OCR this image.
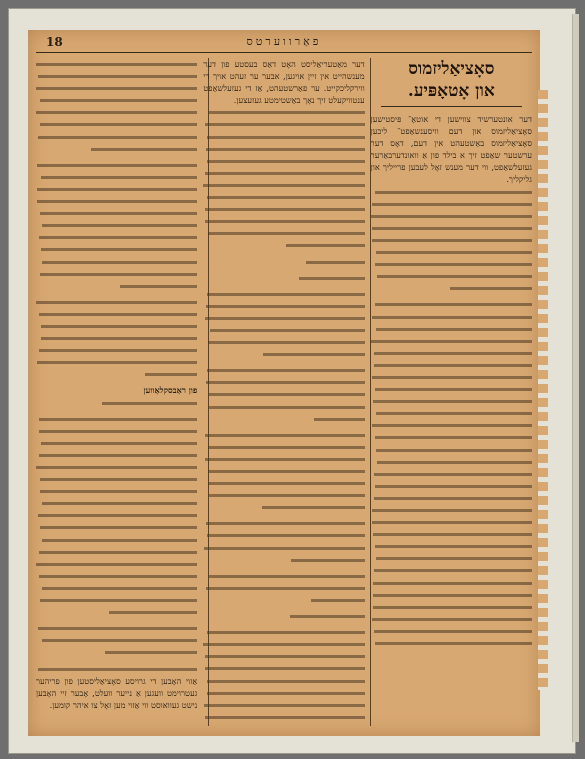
18	פאַרווערטס
סאָציאַליזמוס
און אָטאָפּיע.
דער אונטערשיד צווישען די אוטאָ־ פּיסטישען סאָציאַליזמוס און דעם וויסענשאַפט־ ליכען סאָציאַליזמוס באַשטעהט אין דעם, דאָס דער ערשטער שאַפט זיך א בילד פון אַ וואונדערבאַרער געזעלשאַפט, ווי דער מענש זאָל לעבען פרייליך און גליקליך.
דער מאַטעריאַליסט האָט דאַס בעסטע פון דער מענשהייט אין זיין אויגען, אבער ער זעהט אויך די ווירקליכקייט. ער פאַרשטעהט, אַז די געזעלשאַפט ענטוויקעלט זיך נאָך באַשטימטע געזעצען.
פון ראַבסקלאַווען
אַזוי האָבען די גרויסע סאָציאַליסטען פון פריהער געטרוימט וועגען אַ נייער וועלט, אָבער זיי האָבען נישט געוואוסט ווי אַזוי מען זאָל צו איהר קומען.
